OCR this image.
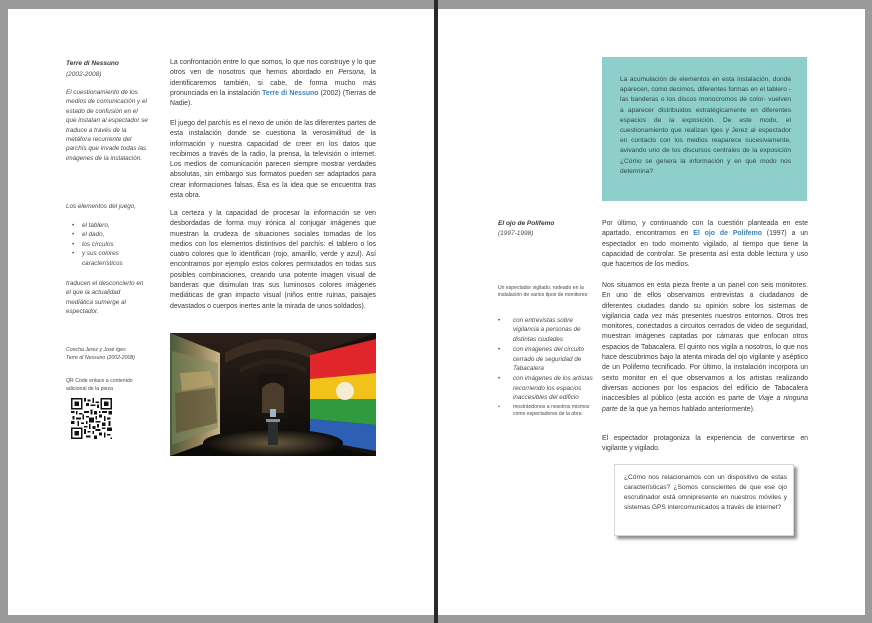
Terre di Nessuno
(2002-2008)
El cuestionamiento de los medios de comunicación y el estado de confusión en el que instalan al espectador se traduce a través de la metáfora recurrente del parchís que invade todas las imágenes de la instalación.
Los elementos del juego,
• el tablero,
• el dado,
• los círculos
• y sus colores característicos
traducen el desconcierto en el que la actualidad mediática sumerge al espectador.
Concha Jerez y José Iges Terre di Nessuno (2002-2008)
QR Code enlace a contenido adicional de la pieza

La confrontación entre lo que somos, lo que nos construye y lo que otros ven de nosotros que hemos abordado en Persona, la identificaremos también, si cabe, de forma mucho más pronunciada en la instalación Terre di Nessuno (2002) (Tierras de Nadie).

El juego del parchís es el nexo de unión de las diferentes partes de esta instalación donde se cuestiona la verosimilitud de la información y nuestra capacidad de creer en los datos que recibimos a través de la radio, la prensa, la televisión o internet. Los medios de comunicación parecen siempre mostrar verdades absolutas, sin embargo sus formatos pueden ser adaptados para crear informaciones falsas. Ésa es la idea que se encuentra tras esta obra.

La certeza y la capacidad de procesar la información se ven desbordadas de forma muy irónica al conjugar imágenes que muestran la crudeza de situaciones sociales tomadas de los medios con los elementos distintivos del parchís: el tablero o los cuatro colores que lo identifican (rojo, amarillo, verde y azul). Así encontramos por ejemplo estos colores permutados en todas sus posibles combinaciones, creando una potente imagen visual de banderas que disimulan tras sus luminosos colores imágenes mediáticas de gran impacto visual (niños entre ruinas, paisajes devastados o cuerpos inertes ante la mirada de unos soldados).

La acumulación de elementos en esta instalación, donde aparecen, como decimos, diferentes formas en el tablero -las banderas o los discos monocromos de color- vuelven a aparecer distribuidos estratégicamente en diferentes espacios de la exposición. De este modo, el cuestionamiento que realizan Iges y Jerez al espectador en contacto con los medios reaparece sucesivamente, avivando uno de los discursos centrales de la exposición ¿Cómo se genera la información y en qué modo nos determina?

El ojo de Polifemo
(1997-1998)
Un espectador vigilado, rodeado en la instalación de varios tipos de monitores:
• con entrevistas sobre vigilancia a personas de distintas ciudades
• con imágenes del circuito cerrado de seguridad de Tabacalera
• con imágenes de los artistas recorriendo los espacios inaccesibles del edificio
• mostrándonos a nosotros mismos como espectadores de la obra

Por último, y continuando con la cuestión planteada en este apartado, encontramos en El ojo de Polifemo (1997) a un espectador en todo momento vigilado, al tiempo que tiene la capacidad de controlar. Se presenta así esta doble lectura y uso que hacemos de los medios.

Nos situamos en esta pieza frente a un panel con seis monitores. En uno de ellos observamos entrevistas a ciudadanos de diferentes ciudades dando su opinión sobre los sistemas de vigilancia cada vez más presentes nuestros entornos. Otros tres monitores, conectados a circuitos cerrados de video de seguridad, muestran imágenes captadas por cámaras que enfocan otros espacios de Tabacalera. El quinto nos vigila a nosotros, lo que nos hace descubrimos bajo la atenta mirada del ojo vigilante y aséptico de un Polifemo tecnificado. Por último, la instalación incorpora un sexto monitor en el que observamos a los artistas realizando diversas acciones por los espacios del edificio de Tabacalera inaccesibles al público (esta acción es parte de Viaje a ninguna parte de la que ya hemos hablado anteriormente).

El espectador protagoniza la experiencia de convertirse en vigilante y vigilado.

¿Cómo nos relacionamos con un dispositivo de estas características? ¿Somos conscientes de que ese ojo escrutinador está omnipresente en nuestros móviles y sistemas GPS intercomunicados a través de internet?
